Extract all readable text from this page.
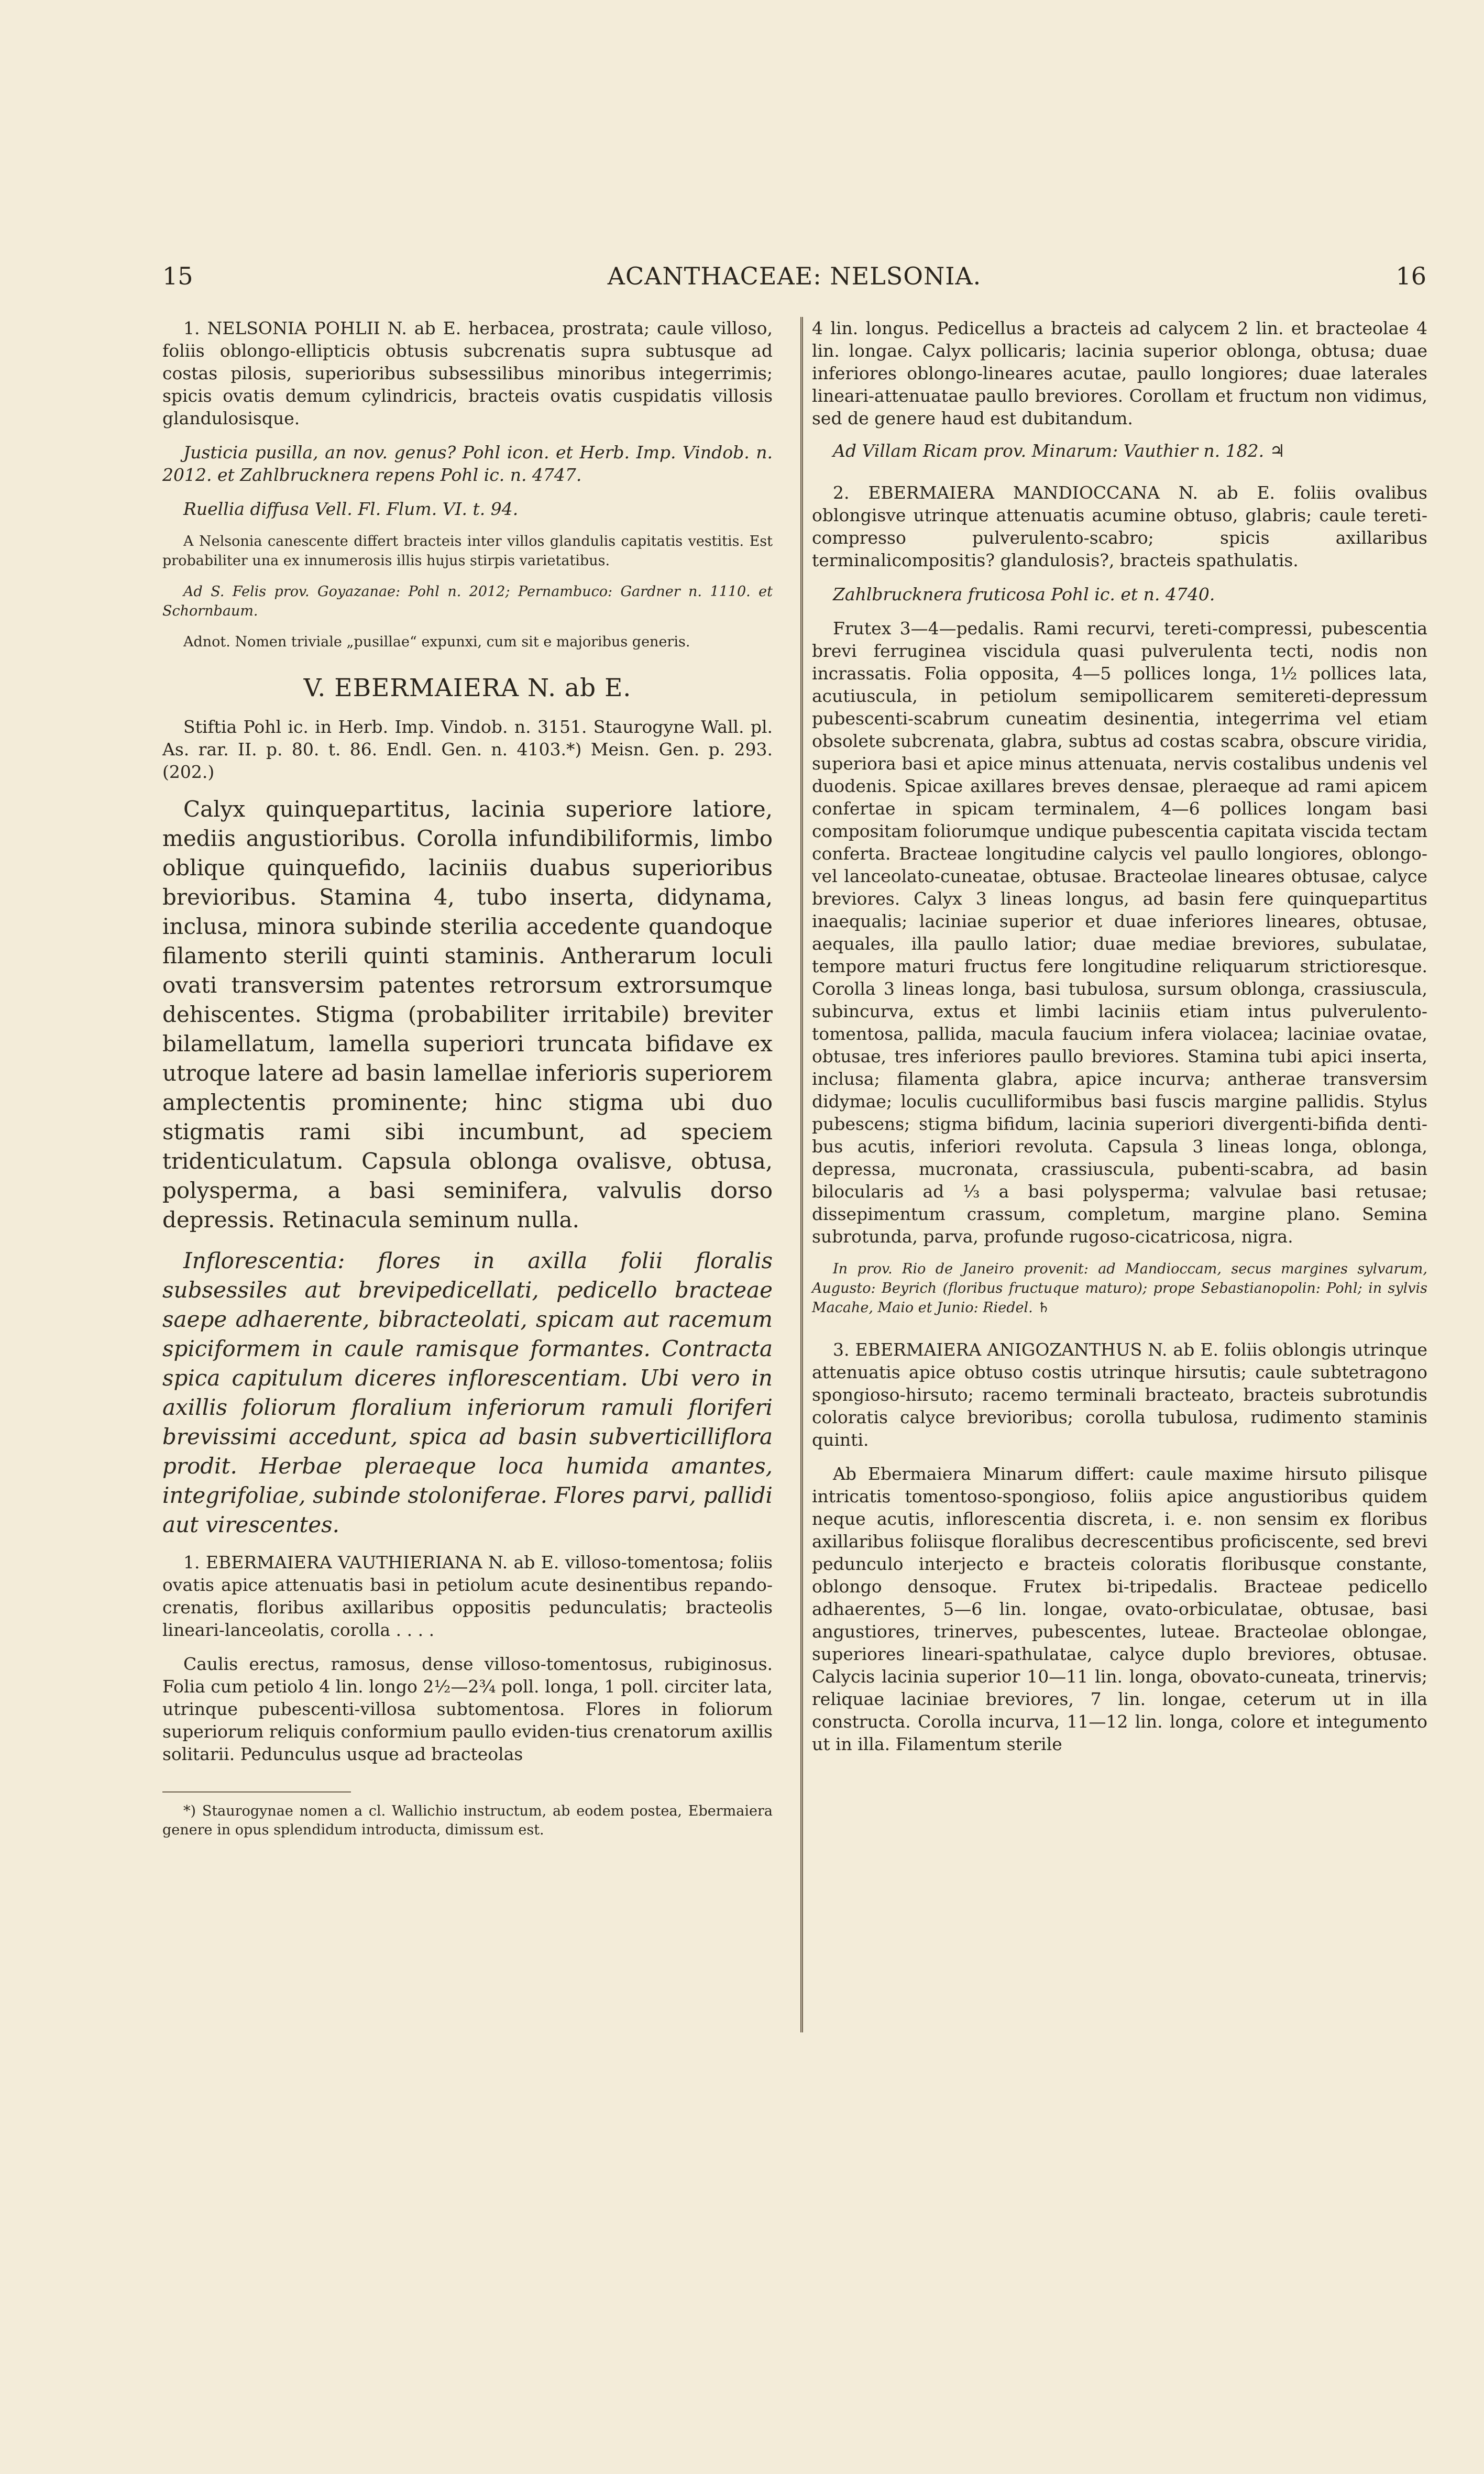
15	ACANTHACEAE: NELSONIA.	16

1. NELSONIA POHLII N. ab E. herbacea, prostrata; caule villoso, foliis oblongo-ellipticis obtusis subcrenatis supra subtusque ad costas pilosis, superioribus subsessilibus minoribus integerrimis; spicis ovatis demum cylindricis, bracteis ovatis cuspidatis villosis glandulosisque.

Justicia pusilla, an nov. genus? Pohl icon. et Herb. Imp. Vindob. n. 2012. et Zahlbrucknera repens Pohl ic. n. 4747.

Ruellia diffusa Vell. Fl. Flum. VI. t. 94.

A Nelsonia canescente differt bracteis inter villos glandulis capitatis vestitis. Est probabiliter una ex innumerosis illis hujus stirpis varietatibus.

Ad S. Felis prov. Goyazanae: Pohl n. 2012; Pernambuco: Gardner n. 1110. et Schornbaum.

Adnot. Nomen triviale „pusillae“ expunxi, cum sit e majoribus generis.

V. EBERMAIERA N. ab E.

Stiftia Pohl ic. in Herb. Imp. Vindob. n. 3151. Staurogyne Wall. pl. As. rar. II. p. 80. t. 86. Endl. Gen. n. 4103.*) Meisn. Gen. p. 293. (202.)

Calyx quinquepartitus, lacinia superiore latiore, mediis angustioribus. Corolla infundibiliformis, limbo oblique quinquefido, laciniis duabus superioribus brevioribus. Stamina 4, tubo inserta, didynama, inclusa, minora subinde sterilia accedente quandoque filamento sterili quinti staminis. Antherarum loculi ovati transversim patentes retrorsum extrorsumque dehiscentes. Stigma (probabiliter irritabile) breviter bilamellatum, lamella superiori truncata bifidave ex utroque latere ad basin lamellae inferioris superiorem amplectentis prominente; hinc stigma ubi duo stigmatis rami sibi incumbunt, ad speciem tridenticulatum. Capsula oblonga ovalisve, obtusa, polysperma, a basi seminifera, valvulis dorso depressis. Retinacula seminum nulla.

Inflorescentia: flores in axilla folii floralis subsessiles aut brevipedicellati, pedicello bracteae saepe adhaerente, bibracteolati, spicam aut racemum spiciformem in caule ramisque formantes. Contracta spica capitulum diceres inflorescentiam. Ubi vero in axillis foliorum floralium inferiorum ramuli floriferi brevissimi accedunt, spica ad basin subverticilliflora prodit. Herbae pleraeque loca humida amantes, integrifoliae, subinde stoloniferae. Flores parvi, pallidi aut virescentes.

1. EBERMAIERA VAUTHIERIANA N. ab E. villoso-tomentosa; foliis ovatis apice attenuatis basi in petiolum acute desinentibus repando-crenatis, floribus axillaribus oppositis pedunculatis; bracteolis lineari-lanceolatis, corolla . . . .

Caulis erectus, ramosus, dense villoso-tomentosus, rubiginosus. Folia cum petiolo 4 lin. longo 2½—2¾ poll. longa, 1 poll. circiter lata, utrinque pubescenti-villosa subtomentosa. Flores in foliorum superiorum reliquis conformium paullo eviden-tius crenatorum axillis solitarii. Pedunculus usque ad bracteolas

*) Staurogynae nomen a cl. Wallichio instructum, ab eodem postea, Ebermaiera genere in opus splendidum introducta, dimissum est.

4 lin. longus. Pedicellus a bracteis ad calycem 2 lin. et bracteolae 4 lin. longae. Calyx pollicaris; lacinia superior oblonga, obtusa; duae inferiores oblongo-lineares acutae, paullo longiores; duae laterales lineari-attenuatae paullo breviores. Corollam et fructum non vidimus, sed de genere haud est dubitandum.

Ad Villam Ricam prov. Minarum: Vauthier n. 182. ♃

2. EBERMAIERA MANDIOCCANA N. ab E. foliis ovalibus oblongisve utrinque attenuatis acumine obtuso, glabris; caule tereti-compresso pulverulento-scabro; spicis axillaribus terminalicompositis? glandulosis?, bracteis spathulatis.

Zahlbrucknera fruticosa Pohl ic. et n. 4740.

Frutex 3—4—pedalis. Rami recurvi, tereti-compressi, pubescentia brevi ferruginea viscidula quasi pulverulenta tecti, nodis non incrassatis. Folia opposita, 4—5 pollices longa, 1½ pollices lata, acutiuscula, in petiolum semipollicarem semitereti-depressum pubescenti-scabrum cuneatim desinentia, integerrima vel etiam obsolete subcrenata, glabra, subtus ad costas scabra, obscure viridia, superiora basi et apice minus attenuata, nervis costalibus undenis vel duodenis. Spicae axillares breves densae, pleraeque ad rami apicem confertae in spicam terminalem, 4—6 pollices longam basi compositam foliorumque undique pubescentia capitata viscida tectam conferta. Bracteae longitudine calycis vel paullo longiores, oblongo-vel lanceolato-cuneatae, obtusae. Bracteolae lineares obtusae, calyce breviores. Calyx 3 lineas longus, ad basin fere quinquepartitus inaequalis; laciniae superior et duae inferiores lineares, obtusae, aequales, illa paullo latior; duae mediae breviores, subulatae, tempore maturi fructus fere longitudine reliquarum strictioresque. Corolla 3 lineas longa, basi tubulosa, sursum oblonga, crassiuscula, subincurva, extus et limbi laciniis etiam intus pulverulento-tomentosa, pallida, macula faucium infera violacea; laciniae ovatae, obtusae, tres inferiores paullo breviores. Stamina tubi apici inserta, inclusa; filamenta glabra, apice incurva; antherae transversim didymae; loculis cuculliformibus basi fuscis margine pallidis. Stylus pubescens; stigma bifidum, lacinia superiori divergenti-bifida denti-bus acutis, inferiori revoluta. Capsula 3 lineas longa, oblonga, depressa, mucronata, crassiuscula, pubenti-scabra, ad basin bilocularis ad ⅓ a basi polysperma; valvulae basi retusae; dissepimentum crassum, completum, margine plano. Semina subrotunda, parva, profunde rugoso-cicatricosa, nigra.

In prov. Rio de Janeiro provenit: ad Mandioccam, secus margines sylvarum, Augusto: Beyrich (floribus fructuque maturo); prope Sebastianopolin: Pohl; in sylvis Macahe, Maio et Junio: Riedel. ♄

3. EBERMAIERA ANIGOZANTHUS N. ab E. foliis oblongis utrinque attenuatis apice obtuso costis utrinque hirsutis; caule subtetragono spongioso-hirsuto; racemo terminali bracteato, bracteis subrotundis coloratis calyce brevioribus; corolla tubulosa, rudimento staminis quinti.

Ab Ebermaiera Minarum differt: caule maxime hirsuto pilisque intricatis tomentoso-spongioso, foliis apice angustioribus quidem neque acutis, inflorescentia discreta, i. e. non sensim ex floribus axillaribus foliisque floralibus decrescentibus proficiscente, sed brevi pedunculo interjecto e bracteis coloratis floribusque constante, oblongo densoque. Frutex bi-tripedalis. Bracteae pedicello adhaerentes, 5—6 lin. longae, ovato-orbiculatae, obtusae, basi angustiores, trinerves, pubescentes, luteae. Bracteolae oblongae, superiores lineari-spathulatae, calyce duplo breviores, obtusae. Calycis lacinia superior 10—11 lin. longa, obovato-cuneata, trinervis; reliquae laciniae breviores, 7 lin. longae, ceterum ut in illa constructa. Corolla incurva, 11—12 lin. longa, colore et integumento ut in illa. Filamentum sterile
